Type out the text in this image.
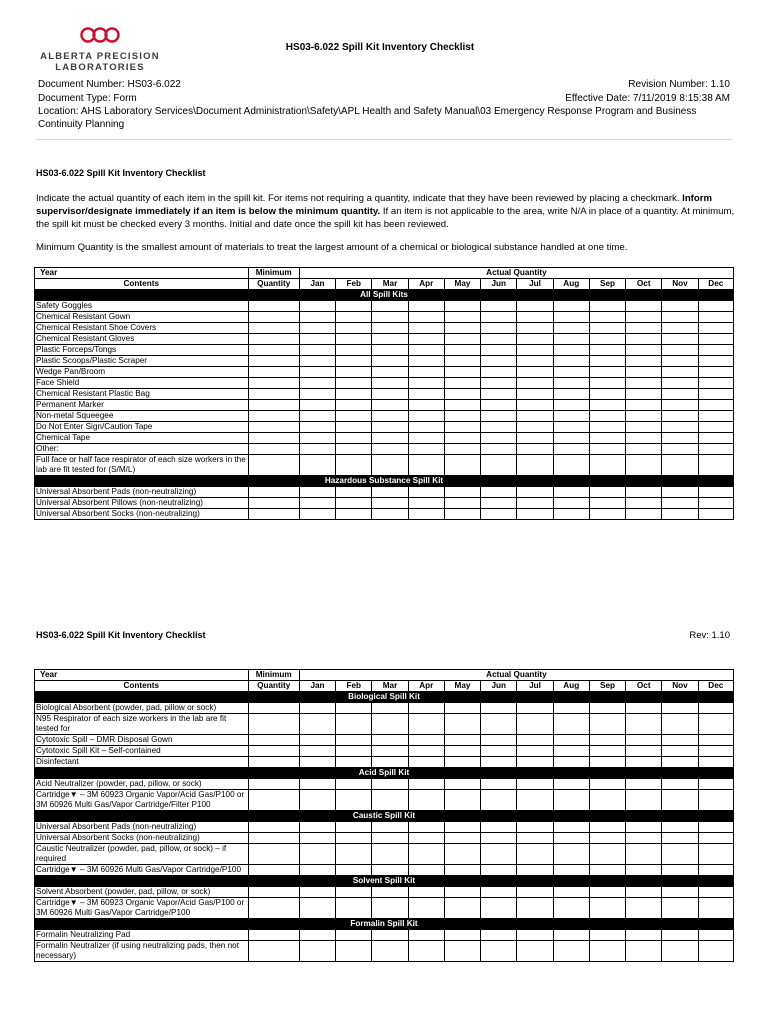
ALBERTA PRECISION
LABORATORIES
HS03-6.022 Spill Kit Inventory Checklist
Document Number: HS03-6.022	Revision Number: 1.10
Document Type: Form	Effective Date: 7/11/2019 8:15:38 AM
Location: AHS Laboratory Services\Document Administration\Safety\APL Health and Safety Manual\03 Emergency Response Program and Business Continuity Planning
HS03-6.022 Spill Kit Inventory Checklist
Indicate the actual quantity of each item in the spill kit. For items not requiring a quantity, indicate that they have been reviewed by placing a checkmark. Inform supervisor/designate immediately if an item is below the minimum quantity. If an item is not applicable to the area, write N/A in place of a quantity. At minimum, the spill kit must be checked every 3 months. Initial and date once the spill kit has been reviewed.
Minimum Quantity is the smallest amount of materials to treat the largest amount of a chemical or biological substance handled at one time.
Year	Minimum	Actual Quantity											
Contents	Quantity	Jan	Feb	Mar	Apr	May	Jun	Jul	Aug	Sep	Oct	Nov	Dec
All Spill Kits													
Safety Goggles													
Chemical Resistant Gown													
Chemical Resistant Shoe Covers													
Chemical Resistant Gloves													
Plastic Forceps/Tongs													
Plastic Scoops/Plastic Scraper													
Wedge Pan/Broom													
Face Shield													
Chemical Resistant Plastic Bag													
Permanent Marker													
Non-metal Squeegee													
Do Not Enter Sign/Caution Tape													
Chemical Tape													
Other:													
Full face or half face respirator of each size workers in the lab are fit tested for (S/M/L)													
Hazardous Substance Spill Kit													
Universal Absorbent Pads (non-neutralizing)													
Universal Absorbent Pillows (non-neutralizing)													
Universal Absorbent Socks (non-neutralizing)													
HS03-6.022 Spill Kit Inventory Checklist	Rev: 1.10
Year	Minimum	Actual Quantity											
Contents	Quantity	Jan	Feb	Mar	Apr	May	Jun	Jul	Aug	Sep	Oct	Nov	Dec
Biological Spill Kit													
Biological Absorbent (powder, pad, pillow or sock)													
N95 Respirator of each size workers in the lab are fit tested for													
Cytotoxic Spill – DMR Disposal Gown													
Cytotoxic Spill Kit – Self-contained													
Disinfectant													
Acid Spill Kit													
Acid Neutralizer (powder, pad, pillow, or sock)													
Cartridge▼ – 3M 60923 Organic Vapor/Acid Gas/P100 or 3M 60926 Multi Gas/Vapor Cartridge/Filter P100													
Caustic Spill Kit													
Universal Absorbent Pads (non-neutralizing)													
Universal Absorbent Socks (non-neutralizing)													
Caustic Neutralizer (powder, pad, pillow, or sock) – if required													
Cartridge▼ – 3M 60926 Multi Gas/Vapor Cartridge/P100													
Solvent Spill Kit													
Solvent Absorbent (powder, pad, pillow, or sock)													
Cartridge▼ – 3M 60923 Organic Vapor/Acid Gas/P100 or 3M 60926 Multi Gas/Vapor Cartridge/P100													
Formalin Spill Kit													
Formalin Neutralizing Pad													
Formalin Neutralizer (if using neutralizing pads, then not necessary)													
